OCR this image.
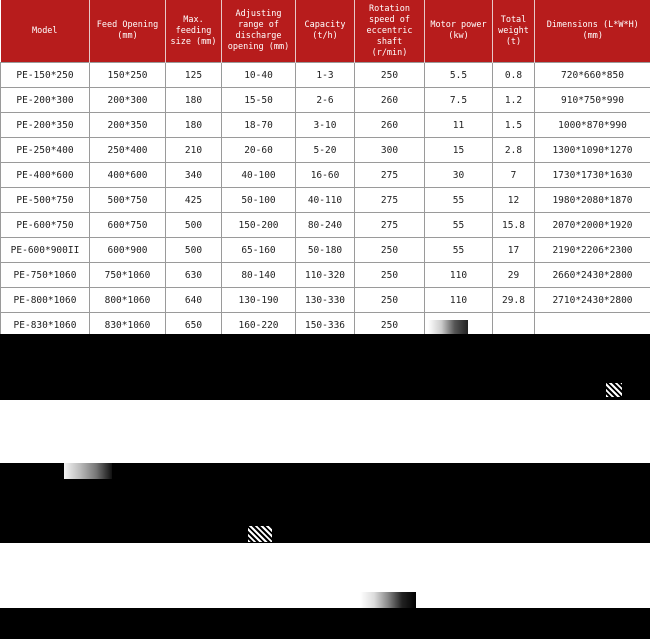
Model	Feed Opening (mm)	Max. feeding size (mm)	Adjusting range of discharge opening (mm)	Capacity (t/h)	Rotation speed of eccentric shaft (r/min)	Motor power (kw)	Total weight (t)	Dimensions (L*W*H) (mm)
PE-150*250	150*250	125	10-40	1-3	250	5.5	0.8	720*660*850
PE-200*300	200*300	180	15-50	2-6	260	7.5	1.2	910*750*990
PE-200*350	200*350	180	18-70	3-10	260	11	1.5	1000*870*990
PE-250*400	250*400	210	20-60	5-20	300	15	2.8	1300*1090*1270
PE-400*600	400*600	340	40-100	16-60	275	30	7	1730*1730*1630
PE-500*750	500*750	425	50-100	40-110	275	55	12	1980*2080*1870
PE-600*750	600*750	500	150-200	80-240	275	55	15.8	2070*2000*1920
PE-600*900II	600*900	500	65-160	50-180	250	55	17	2190*2206*2300
PE-750*1060	750*1060	630	80-140	110-320	250	110	29	2660*2430*2800
PE-800*1060	800*1060	640	130-190	130-330	250	110	29.8	2710*2430*2800
PE-830*1060	830*1060	650	160-220	150-336	250			
